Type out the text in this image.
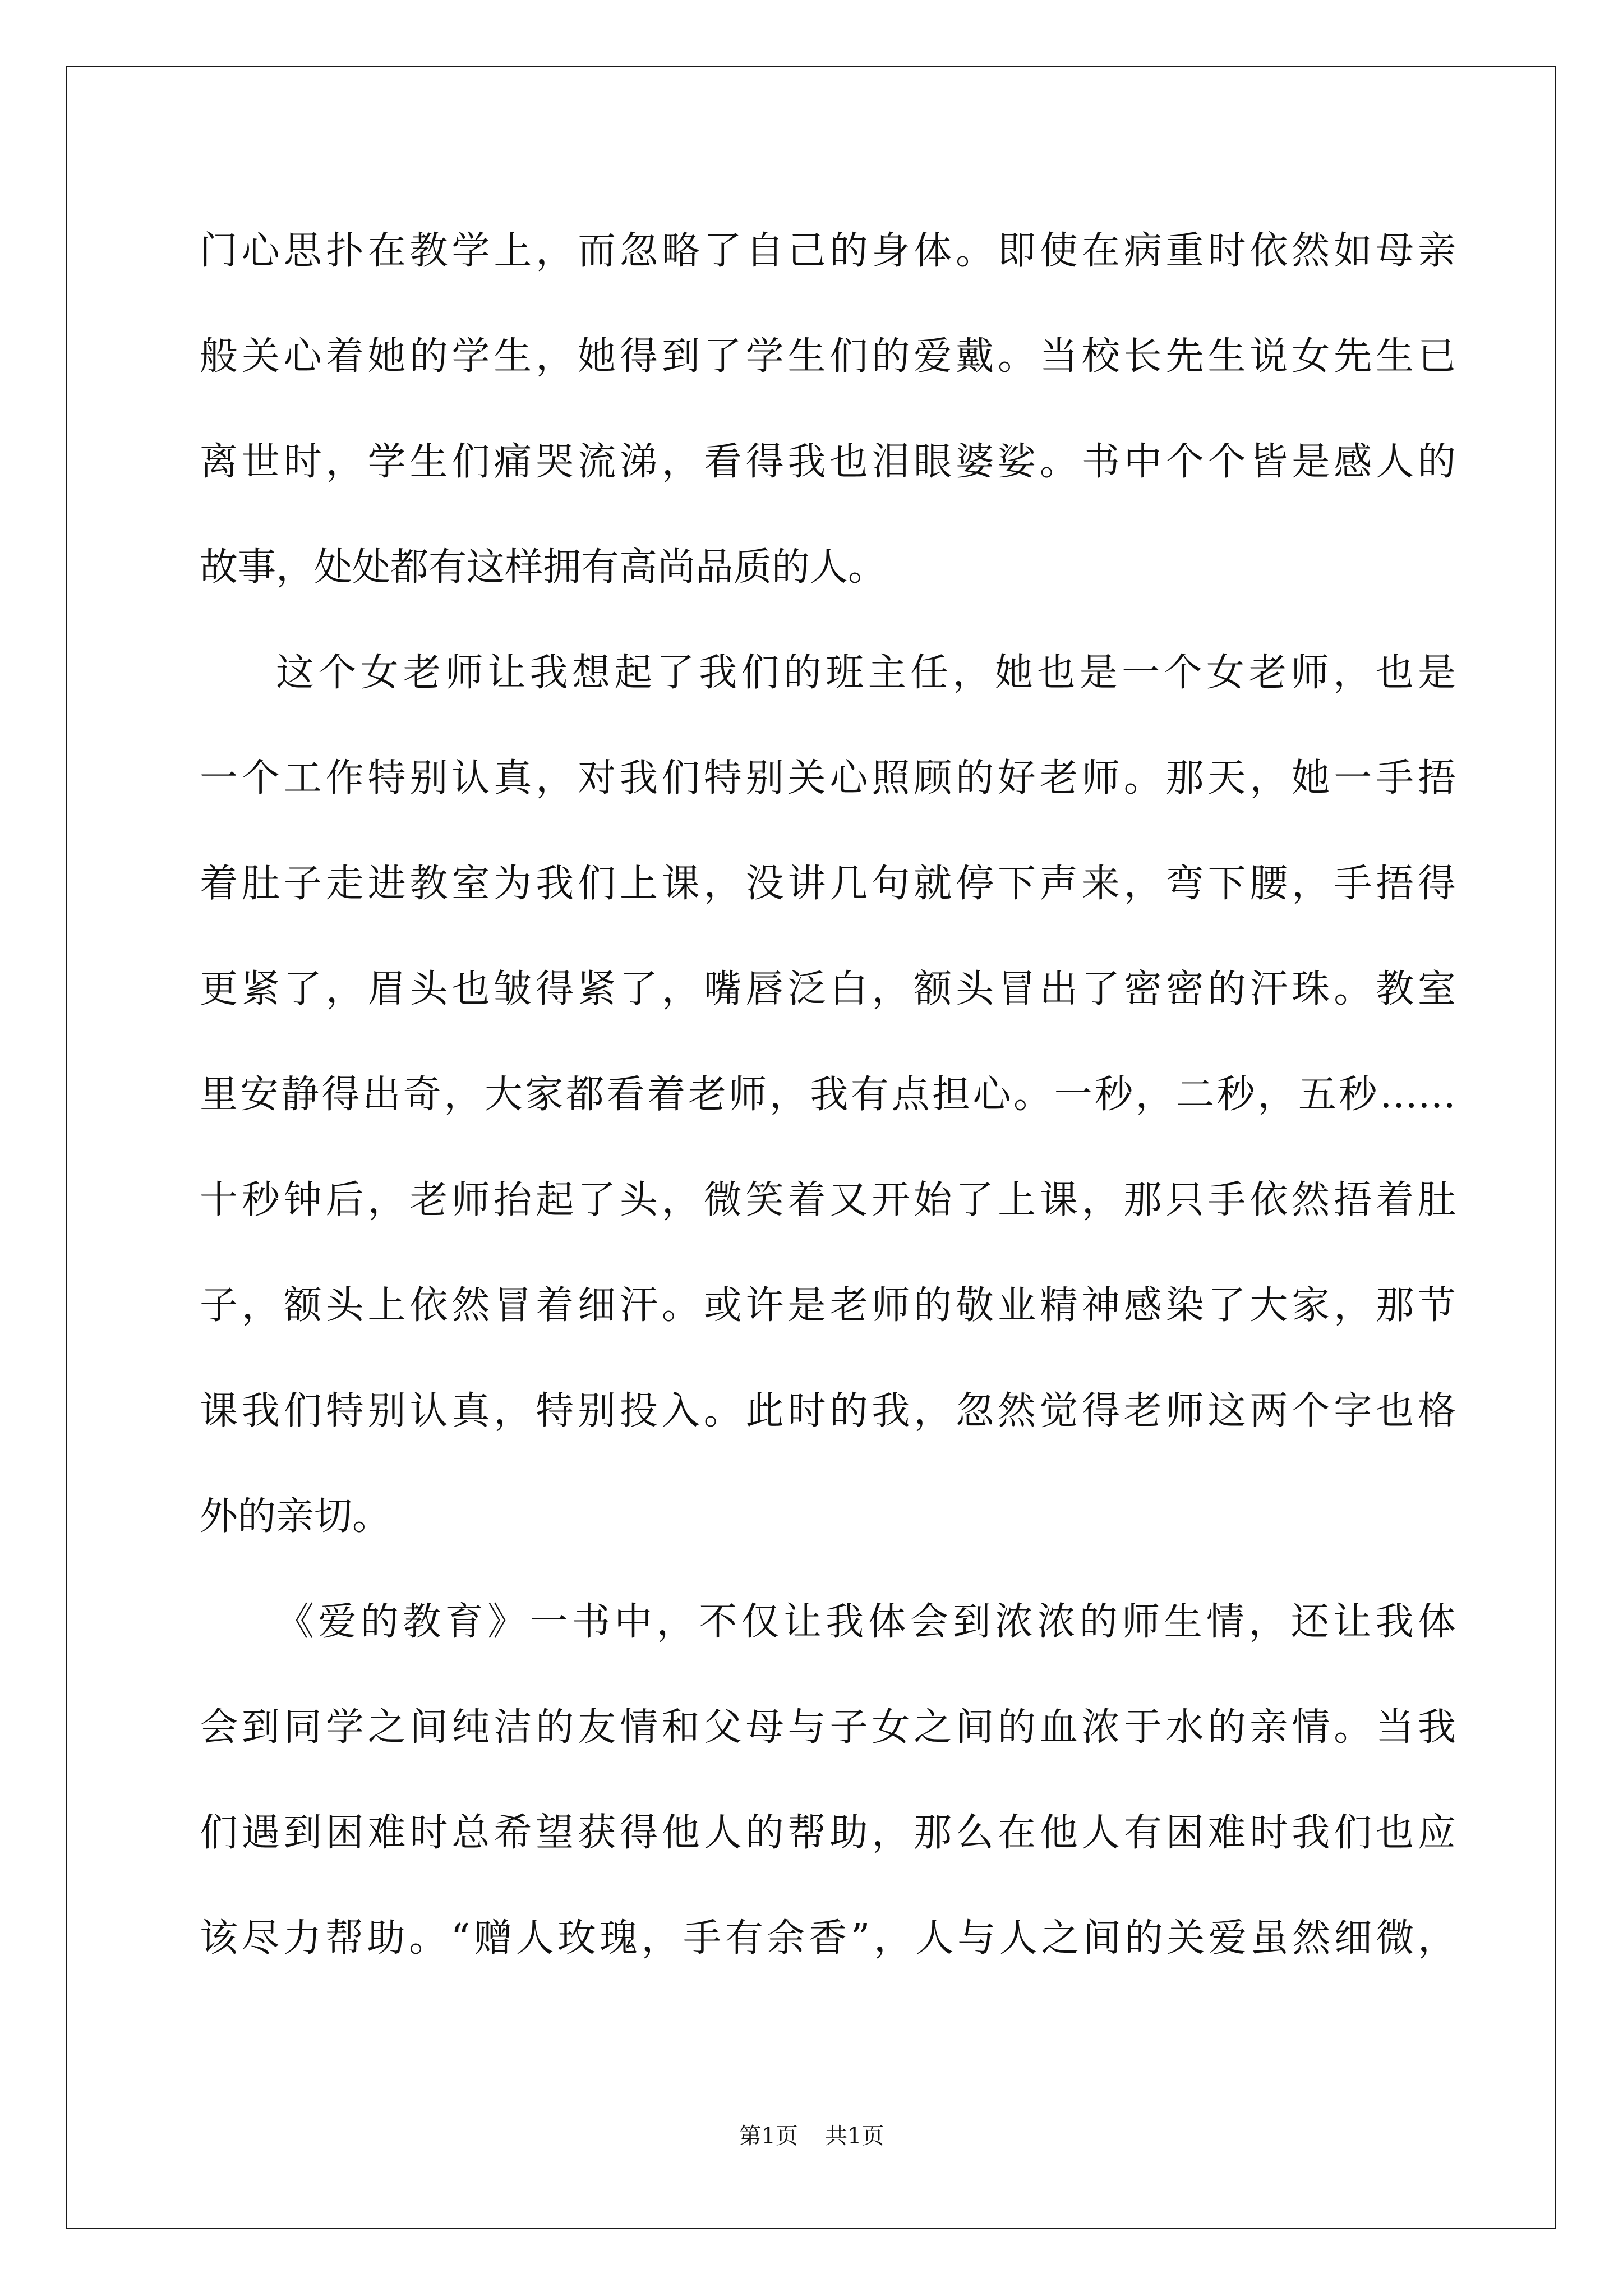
门心思扑在教学上，而忽略了自己的身体。即使在病重时依然如母亲
般关心着她的学生，她得到了学生们的爱戴。当校长先生说女先生已
离世时，学生们痛哭流涕，看得我也泪眼婆娑。书中个个皆是感人的
故事，处处都有这样拥有高尚品质的人。
这个女老师让我想起了我们的班主任，她也是一个女老师，也是
一个工作特别认真，对我们特别关心照顾的好老师。那天，她一手捂
着肚子走进教室为我们上课，没讲几句就停下声来，弯下腰，手捂得
更紧了，眉头也皱得紧了，嘴唇泛白，额头冒出了密密的汗珠。教室
里安静得出奇，大家都看着老师，我有点担心。一秒，二秒，五秒……
十秒钟后，老师抬起了头，微笑着又开始了上课，那只手依然捂着肚
子，额头上依然冒着细汗。或许是老师的敬业精神感染了大家，那节
课我们特别认真，特别投入。此时的我，忽然觉得老师这两个字也格
外的亲切。
《爱的教育》一书中，不仅让我体会到浓浓的师生情，还让我体
会到同学之间纯洁的友情和父母与子女之间的血浓于水的亲情。当我
们遇到困难时总希望获得他人的帮助，那么在他人有困难时我们也应
该尽力帮助。“赠人玫瑰，手有余香”，人与人之间的关爱虽然细微，
第1页 共1页
